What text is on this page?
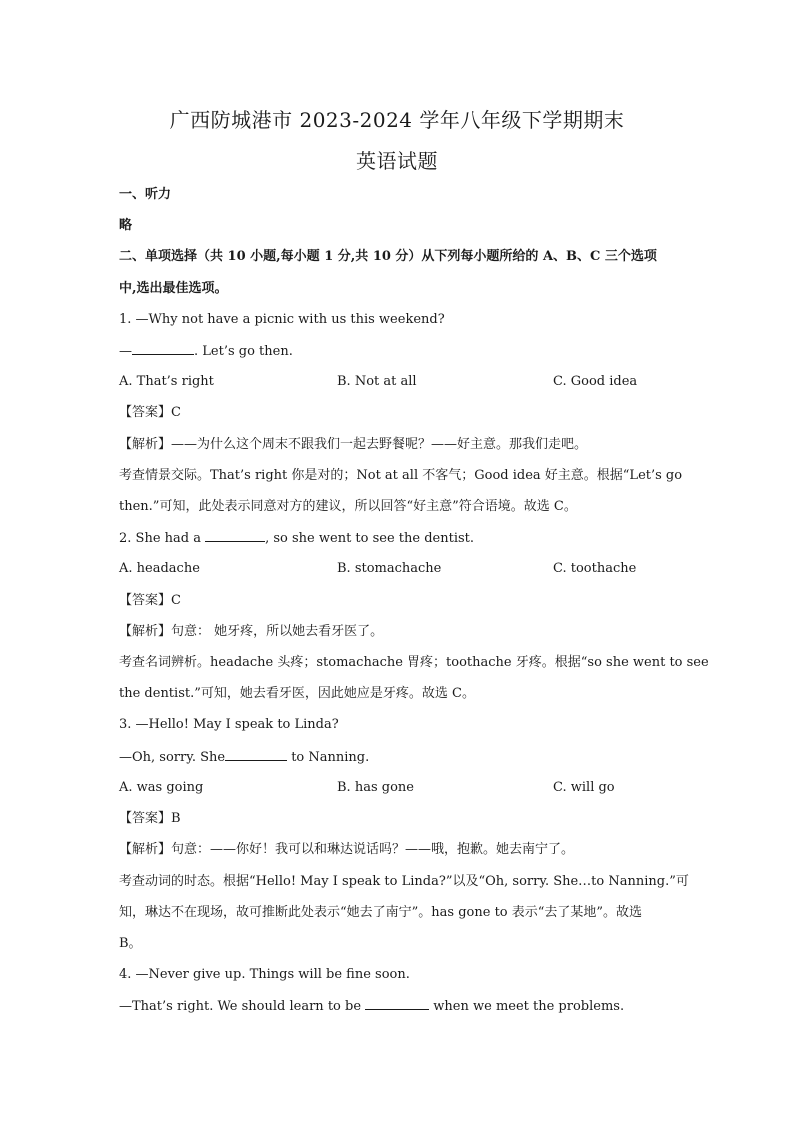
广西防城港市 2023-2024 学年八年级下学期期末
英语试题
一、听力
略
二、单项选择（共 10 小题,每小题 1 分,共 10 分）从下列每小题所给的 A、B、C 三个选项
中,选出最佳选项。
1. —Why not have a picnic with us this weekend?
—	. Let’s go then.
A. That’s right	B. Not at all	C. Good idea
【答案】C
【解析】——为什么这个周末不跟我们一起去野餐呢？——好主意。那我们走吧。
考查情景交际。That’s right 你是对的；Not at all 不客气；Good idea 好主意。根据“Let’s go
then.”可知，此处表示同意对方的建议，所以回答“好主意”符合语境。故选 C。
2. She had a	, so she went to see the dentist.
A. headache	B. stomachache	C. toothache
【答案】C
【解析】句意： 她牙疼，所以她去看牙医了。
考查名词辨析。headache 头疼；stomachache 胃疼；toothache 牙疼。根据“so she went to see
the dentist.”可知，她去看牙医，因此她应是牙疼。故选 C。
3. —Hello! May I speak to Linda?
—Oh, sorry. She	to Nanning.
A. was going	B. has gone	C. will go
【答案】B
【解析】句意：——你好！我可以和琳达说话吗？——哦，抱歉。她去南宁了。
考查动词的时态。根据“Hello! May I speak to Linda?”以及“Oh, sorry. She…to Nanning.”可
知，琳达不在现场，故可推断此处表示“她去了南宁”。has gone to 表示“去了某地”。故选
B。
4. —Never give up. Things will be fine soon.
—That’s right. We should learn to be	when we meet the problems.
